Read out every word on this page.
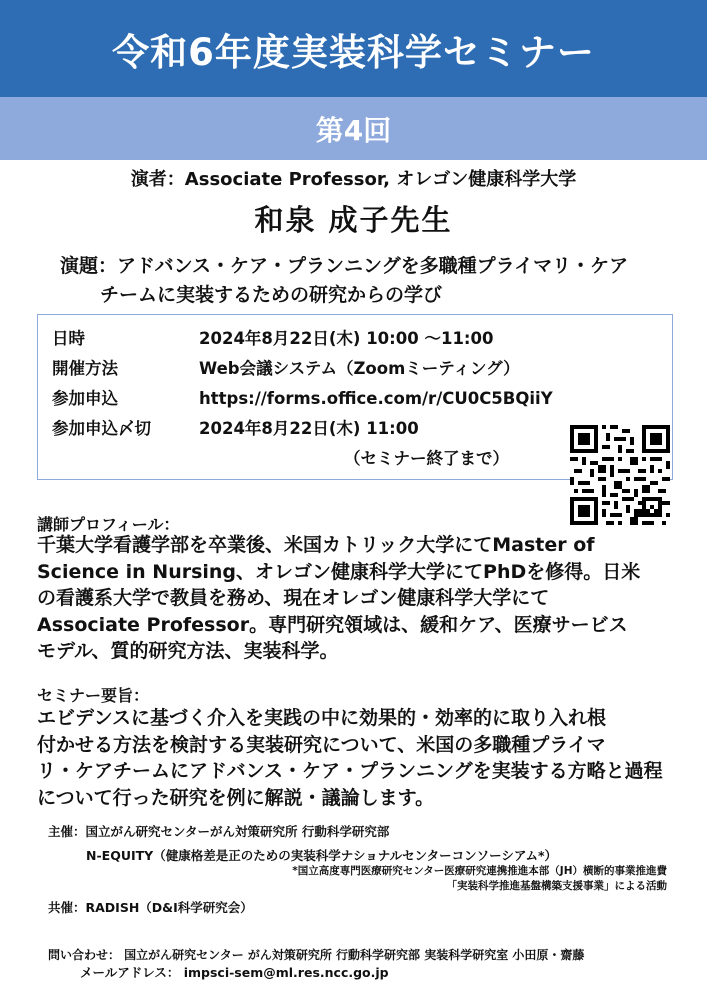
令和6年度実装科学セミナー
第4回
演者：Associate Professor, オレゴン健康科学大学
和泉 成子先生
演題：アドバンス・ケア・プランニングを多職種プライマリ・ケア
チームに実装するための研究からの学び
日時	2024年8月22日(木) 10:00 ～11:00
開催方法	Web会議システム（Zoomミーティング）
参加申込	https://forms.office.com/r/CU0C5BQiiY
参加申込〆切	2024年8月22日(木) 11:00
（セミナー終了まで）
講師プロフィール：
千葉大学看護学部を卒業後、米国カトリック大学にてMaster of
Science in Nursing、オレゴン健康科学大学にてPhDを修得。日米
の看護系大学で教員を務め、現在オレゴン健康科学大学にて
Associate Professor。専門研究領域は、緩和ケア、医療サービス
モデル、質的研究方法、実装科学。
セミナー要旨：
エビデンスに基づく介入を実践の中に効果的・効率的に取り入れ根
付かせる方法を検討する実装研究について、米国の多職種プライマ
リ・ケアチームにアドバンス・ケア・プランニングを実装する方略と過程
について行った研究を例に解説・議論します。
主催：国立がん研究センターがん対策研究所 行動科学研究部
N-EQUITY（健康格差是正のための実装科学ナショナルセンターコンソーシアム*）
*国立高度専門医療研究センター医療研究連携推進本部（JH）横断的事業推進費
「実装科学推進基盤構築支援事業」による活動
共催：RADISH（D&I科学研究会）
問い合わせ： 国立がん研究センター がん対策研究所 行動科学研究部 実装科学研究室 小田原・齋藤
メールアドレス： impsci-sem@ml.res.ncc.go.jp
